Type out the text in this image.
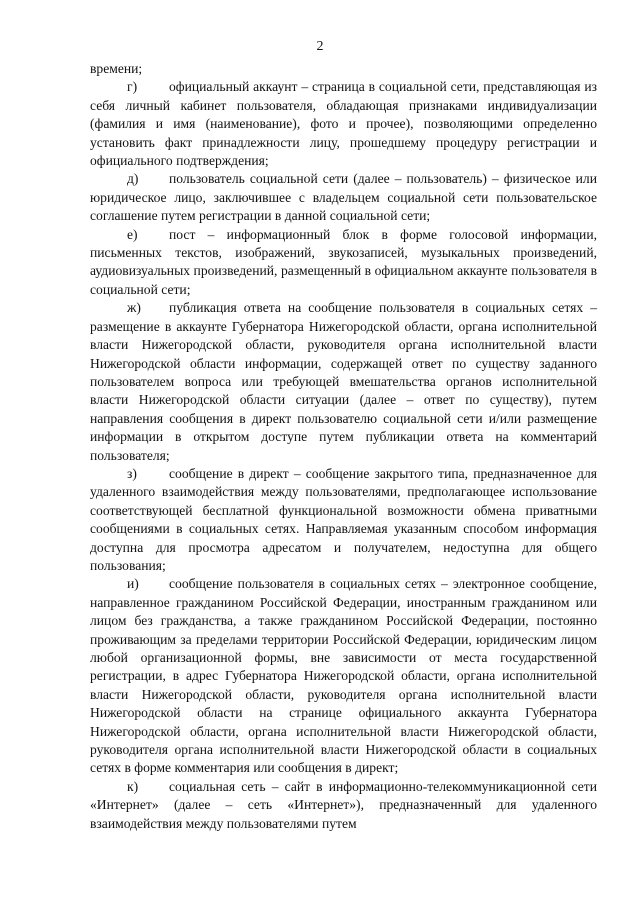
2

времени;

г) официальный аккаунт – страница в социальной сети, представляющая из себя личный кабинет пользователя, обладающая признаками индивидуализации (фамилия и имя (наименование), фото и прочее), позволяющими определенно установить факт принадлежности лицу, прошедшему процедуру регистрации и официального подтверждения;

д) пользователь социальной сети (далее – пользователь) – физическое или юридическое лицо, заключившее с владельцем социальной сети пользовательское соглашение путем регистрации в данной социальной сети;

е) пост – информационный блок в форме голосовой информации, письменных текстов, изображений, звукозаписей, музыкальных произведений, аудиовизуальных произведений, размещенный в официальном аккаунте пользователя в социальной сети;

ж) публикация ответа на сообщение пользователя в социальных сетях – размещение в аккаунте Губернатора Нижегородской области, органа исполнительной власти Нижегородской области, руководителя органа исполнительной власти Нижегородской области информации, содержащей ответ по существу заданного пользователем вопроса или требующей вмешательства органов исполнительной власти Нижегородской области ситуации (далее – ответ по существу), путем направления сообщения в директ пользователю социальной сети и/или размещение информации в открытом доступе путем публикации ответа на комментарий пользователя;

з) сообщение в директ – сообщение закрытого типа, предназначенное для удаленного взаимодействия между пользователями, предполагающее использование соответствующей бесплатной функциональной возможности обмена приватными сообщениями в социальных сетях. Направляемая указанным способом информация доступна для просмотра адресатом и получателем, недоступна для общего пользования;

и) сообщение пользователя в социальных сетях – электронное сообщение, направленное гражданином Российской Федерации, иностранным гражданином или лицом без гражданства, а также гражданином Российской Федерации, постоянно проживающим за пределами территории Российской Федерации, юридическим лицом любой организационной формы, вне зависимости от места государственной регистрации, в адрес Губернатора Нижегородской области, органа исполнительной власти Нижегородской области, руководителя органа исполнительной власти Нижегородской области на странице официального аккаунта Губернатора Нижегородской области, органа исполнительной власти Нижегородской области, руководителя органа исполнительной власти Нижегородской области в социальных сетях в форме комментария или сообщения в директ;

к) социальная сеть – сайт в информационно-телекоммуникационной сети «Интернет» (далее – сеть «Интернет»), предназначенный для удаленного взаимодействия между пользователями путем
